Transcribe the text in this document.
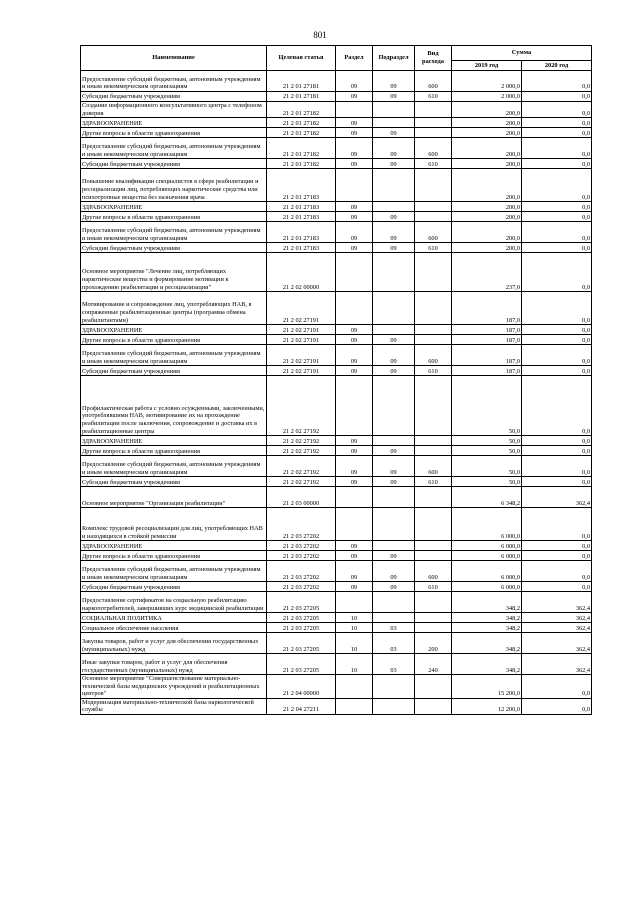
801
Наименование	Целевая статья	Раздел	Подраздел	Вид расхода	Сумма	
					2019 год	2020 год
Предоставление субсидий бюджетным, автономным учреждениям и иным некоммерческим организациям	21 2 01 27181	09	09	600	2 000,0	0,0
Субсидии бюджетным учреждениям	21 2 01 27181	09	09	610	2 000,0	0,0
Создание информационного консультативного центра с телефоном доверия	21 2 01 27182				200,0	0,0
ЗДРАВООХРАНЕНИЕ	21 2 01 27182	09			200,0	0,0
Другие вопросы в области здравоохранения	21 2 01 27182	09	09		200,0	0,0
Предоставление субсидий бюджетным, автономным учреждениям и иным некоммерческим организациям	21 2 01 27182	09	09	600	200,0	0,0
Субсидии бюджетным учреждениям	21 2 01 27182	09	09	610	200,0	0,0
Повышение квалификации специалистов в сфере реабилитации и ресоциализации лиц, потребляющих наркотические средства или психотропные вещества без назначения врача	21 2 01 27183				200,0	0,0
ЗДРАВООХРАНЕНИЕ	21 2 01 27183	09			200,0	0,0
Другие вопросы в области здравоохранения	21 2 01 27183	09	09		200,0	0,0
Предоставление субсидий бюджетным, автономным учреждениям и иным некоммерческим организациям	21 2 01 27183	09	09	600	200,0	0,0
Субсидии бюджетным учреждениям	21 2 01 27183	09	09	610	200,0	0,0
Основное мероприятие "Лечение лиц, потребляющих наркотические вещества и формирование мотивации к прохождению реабилитации и ресоциализации"	21 2 02 00000				237,0	0,0
Мотивирование и сопровождение лиц, употребляющих НАВ, в сопряженные реабилитационные центры (программа обмена реабилитантами)	21 2 02 27191				187,0	0,0
ЗДРАВООХРАНЕНИЕ	21 2 02 27191	09			187,0	0,0
Другие вопросы в области здравоохранения	21 2 02 27191	09	09		187,0	0,0
Предоставление субсидий бюджетным, автономным учреждениям и иным некоммерческим организациям	21 2 02 27191	09	09	600	187,0	0,0
Субсидии бюджетным учреждениям	21 2 02 27191	09	09	610	187,0	0,0
Профилактическая работа с условно осужденными, заключенными, употреблявшими НАВ, мотивирование их на прохождение реабилитации после заключения, сопровождение и доставка их в реабилитационные центры	21 2 02 27192				50,0	0,0
ЗДРАВООХРАНЕНИЕ	21 2 02 27192	09			50,0	0,0
Другие вопросы в области здравоохранения	21 2 02 27192	09	09		50,0	0,0
Предоставление субсидий бюджетным, автономным учреждениям и иным некоммерческим организациям	21 2 02 27192	09	09	600	50,0	0,0
Субсидии бюджетным учреждениям	21 2 02 27192	09	09	610	50,0	0,0
Основное мероприятие "Организация реабилитации"	21 2 03 00000				6 348,2	362,4
Комплекс трудовой ресоциализации для лиц, употребляющих НАВ и находящихся в стойкой ремиссии	21 2 03 27202				6 000,0	0,0
ЗДРАВООХРАНЕНИЕ	21 2 03 27202	09			6 000,0	0,0
Другие вопросы в области здравоохранения	21 2 03 27202	09	09		6 000,0	0,0
Предоставление субсидий бюджетным, автономным учреждениям и иным некоммерческим организациям	21 2 03 27202	09	09	600	6 000,0	0,0
Субсидии бюджетным учреждениям	21 2 03 27202	09	09	610	6 000,0	0,0
Предоставление сертификатов на социальную реабилитацию наркопотребителей, завершивших курс медицинской реабилитации	21 2 03 27205				348,2	362,4
СОЦИАЛЬНАЯ ПОЛИТИКА	21 2 03 27205	10			348,2	362,4
Социальное обеспечение населения	21 2 03 27205	10	03		348,2	362,4
Закупка товаров, работ и услуг для обеспечения государственных (муниципальных) нужд	21 2 03 27205	10	03	200	348,2	362,4
Иные закупки товаров, работ и услуг для обеспечения государственных (муниципальных) нужд	21 2 03 27205	10	03	240	348,2	362,4
Основное мероприятие "Совершенствование материально-технической базы медицинских учреждений и реабилитационных центров"	21 2 04 00000				15 200,0	0,0
Модернизация материально-технической базы наркологической службы	21 2 04 27211				12 200,0	0,0
